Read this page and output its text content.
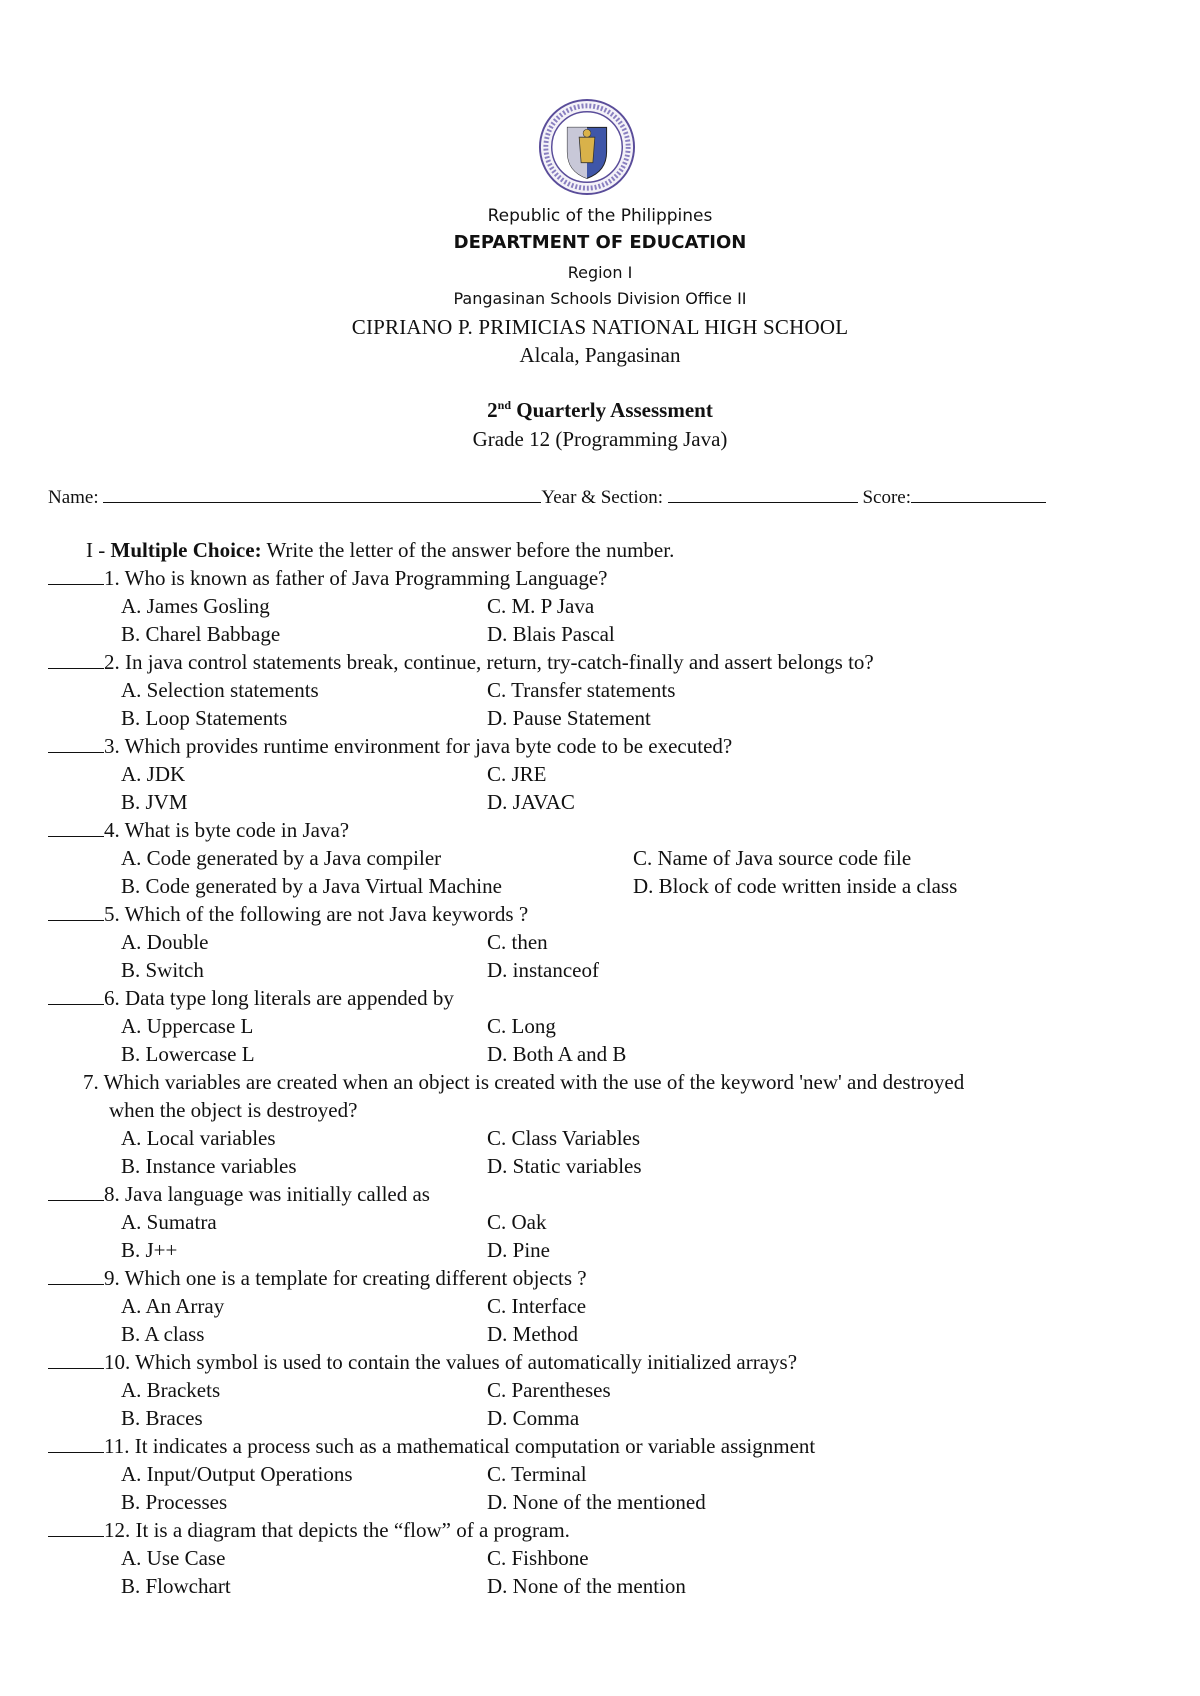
Republic of the Philippines
DEPARTMENT OF EDUCATION
Region I
Pangasinan Schools Division Office II
CIPRIANO P. PRIMICIAS NATIONAL HIGH SCHOOL
Alcala, Pangasinan
2nd Quarterly Assessment
Grade 12 (Programming Java)
Name:	Year & Section:	Score:
I - Multiple Choice: Write the letter of the answer before the number.
1. Who is known as father of Java Programming Language?
A. James Gosling	C. M. P Java
B. Charel Babbage	D. Blais Pascal
2. In java control statements break, continue, return, try-catch-finally and assert belongs to?
A. Selection statements	C. Transfer statements
B. Loop Statements	D. Pause Statement
3. Which provides runtime environment for java byte code to be executed?
A. JDK	C. JRE
B. JVM	D. JAVAC
4. What is byte code in Java?
A. Code generated by a Java compiler	C. Name of Java source code file
B. Code generated by a Java Virtual Machine	D. Block of code written inside a class
5. Which of the following are not Java keywords ?
A. Double	C. then
B. Switch	D. instanceof
6. Data type long literals are appended by
A. Uppercase L	C. Long
B. Lowercase L	D. Both A and B
7. Which variables are created when an object is created with the use of the keyword 'new' and destroyed
when the object is destroyed?
A. Local variables	C. Class Variables
B. Instance variables	D. Static variables
8. Java language was initially called as
A. Sumatra	C. Oak
B. J++	D. Pine
9. Which one is a template for creating different objects ?
A. An Array	C. Interface
B. A class	D. Method
10. Which symbol is used to contain the values of automatically initialized arrays?
A. Brackets	C. Parentheses
B. Braces	D. Comma
11. It indicates a process such as a mathematical computation or variable assignment
A. Input/Output Operations	C. Terminal
B. Processes	D. None of the mentioned
12. It is a diagram that depicts the “flow” of a program.
A. Use Case	C. Fishbone
B. Flowchart	D. None of the mention
